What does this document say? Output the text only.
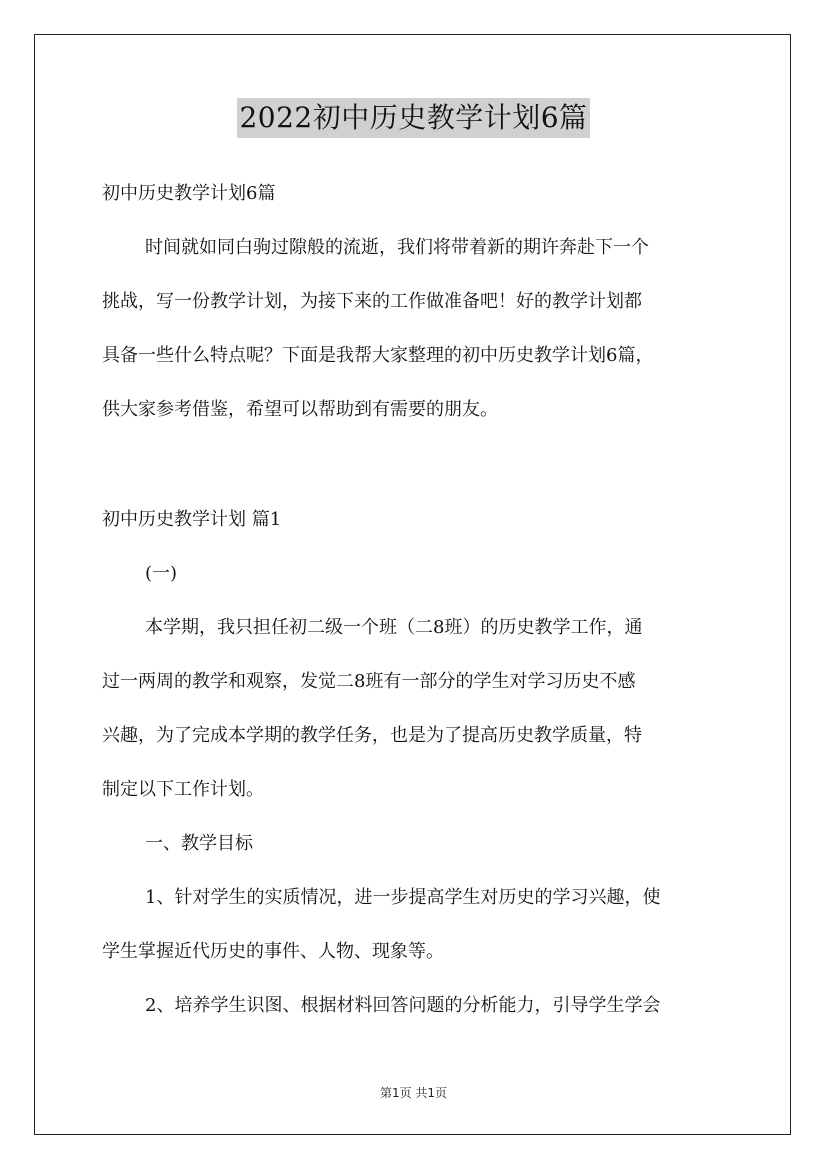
2022初中历史教学计划6篇
初中历史教学计划6篇
时间就如同白驹过隙般的流逝，我们将带着新的期许奔赴下一个
挑战，写一份教学计划，为接下来的工作做准备吧！好的教学计划都
具备一些什么特点呢？下面是我帮大家整理的初中历史教学计划6篇，
供大家参考借鉴，希望可以帮助到有需要的朋友。
初中历史教学计划 篇1
(一)
本学期，我只担任初二级一个班（二8班）的历史教学工作，通
过一两周的教学和观察，发觉二8班有一部分的学生对学习历史不感
兴趣，为了完成本学期的教学任务，也是为了提高历史教学质量，特
制定以下工作计划。
一、教学目标
1、针对学生的实质情况，进一步提高学生对历史的学习兴趣，使
学生掌握近代历史的事件、人物、现象等。
2、培养学生识图、根据材料回答问题的分析能力，引导学生学会
第1页 共1页
